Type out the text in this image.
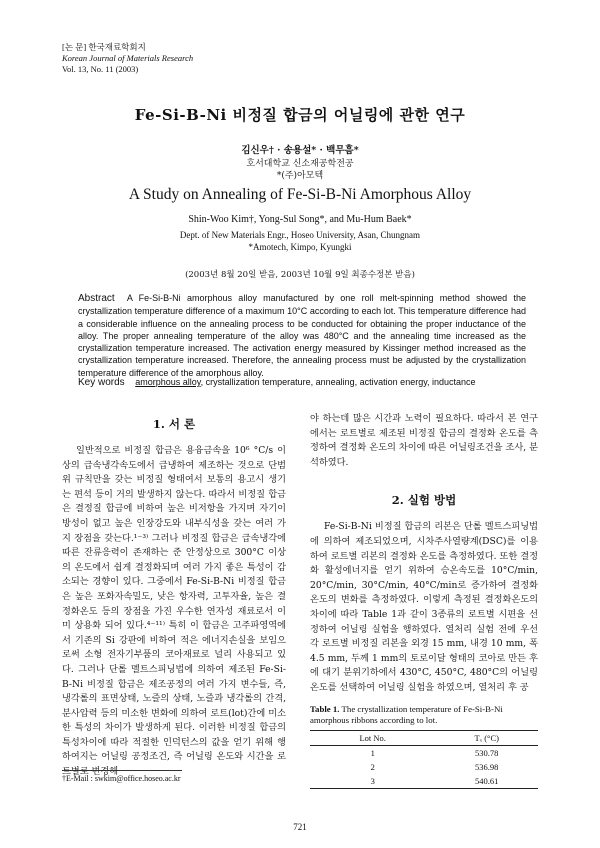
[논 문] 한국재료학회지
Korean Journal of Materials Research
Vol. 13, No. 11 (2003)
Fe-Si-B-Ni 비정질 합금의 어닐링에 관한 연구
김신우† · 송용설* · 백무흠*
호서대학교 신소재공학전공
*(주)아모텍
A Study on Annealing of Fe-Si-B-Ni Amorphous Alloy
Shin-Woo Kim†, Yong-Sul Song*, and Mu-Hum Baek*
Dept. of New Materials Engr., Hoseo University, Asan, Chungnam
*Amotech, Kimpo, Kyungki
(2003년 8월 20일 받음, 2003년 10월 9일 최종수정본 받음)
Abstract A Fe-Si-B-Ni amorphous alloy manufactured by one roll melt-spinning method showed the crystallization temperature difference of a maximum 10°C according to each lot. This temperature difference had a considerable influence on the annealing process to be conducted for obtaining the proper inductance of the alloy. The proper annealing temperature of the alloy was 480°C and the annealing time increased as the crystallization temperature increased. The activation energy measured by Kissinger method increased as the crystallization temperature increased. Therefore, the annealing process must be adjusted by the crystallization temperature difference of the amorphous alloy.
Key words amorphous alloy, crystallization temperature, annealing, activation energy, inductance
1. 서 론

일반적으로 비정질 합금은 용융금속을 10⁶ °C/s 이상의 급속냉각속도에서 급냉하여 제조하는 것으로 단범위 규칙만을 갖는 비정질 형태여서 보통의 용고시 생기는 편석 등이 거의 발생하지 않는다. 따라서 비정질 합금은 결정질 합금에 비하여 높은 비저항을 가지며 자기이방성이 없고 높은 인장강도와 내부식성을 갖는 여러 가지 장점을 갖는다.¹⁻³⁾ 그러나 비정질 합금은 급속냉각에 따른 잔류응력이 존재하는 준 안정상으로 300°C 이상의 온도에서 쉽게 결정화되며 여러 가지 좋은 특성이 감소되는 경향이 있다. 그중에서 Fe-Si-B-Ni 비정질 합금은 높은 포화자속밀도, 낮은 항자력, 고투자율, 높은 결정화온도 등의 장점을 가진 우수한 연자성 재료로서 이미 상용화 되어 있다.⁴⁻¹¹⁾ 특히 이 합금은 고주파영역에서 기존의 Si 강판에 비하여 적은 에너지손실을 보임으로써 소형 전자기부품의 코아재료로 널리 사용되고 있다. 그러나 단롤 멜트스피닝법에 의하여 제조된 Fe-Si-B-Ni 비정질 합금은 제조공정의 여러 가지 변수들, 즉, 냉각롤의 표면상태, 노즐의 상태, 노즐과 냉각롤의 간격, 분사압력 등의 미소한 변화에 의하여 로트(lot)간에 미소한 특성의 차이가 발생하게 된다. 이러한 비정질 합금의 특성차이에 따라 적절한 인덕턴스의 값을 얻기 위해 행하여지는 어닐링 공정조건, 즉 어닐링 온도와 시간을 로트별로 변경해

야 하는데 많은 시간과 노력이 필요하다. 따라서 본 연구에서는 로트별로 제조된 비정질 합금의 결정화 온도를 측정하여 결정화 온도의 차이에 따른 어닐링조건을 조사, 분석하였다.

2. 실험 방법

Fe-Si-B-Ni 비정질 합금의 리본은 단롤 멜트스피닝법에 의하여 제조되었으며, 시차주사열량계(DSC)를 이용하여 로트별 리본의 결정화 온도를 측정하였다. 또한 결정화 활성에너지를 얻기 위하여 승온속도를 10°C/min, 20°C/min, 30°C/min, 40°C/min로 증가하여 결정화 온도의 변화를 측정하였다. 이렇게 측정된 결정화온도의 차이에 따라 Table 1과 같이 3종류의 로트별 시편을 선정하여 어닐링 실험을 행하였다. 열처리 실험 전에 우선 각 로트별 비정질 리본을 외경 15 mm, 내경 10 mm, 폭 4.5 mm, 두께 1 mm의 토로이달 형태의 코아로 만든 후에 대기 분위기하에서 430°C, 450°C, 480°C의 어닐링 온도를 선택하여 어닐링 실험을 하였으며, 열처리 후 공

Table 1. The crystallization temperature of Fe-Si-B-Ni amorphous ribbons according to lot.
Lot No.	Tₓ (°C)
1	530.78
2	536.98
3	540.61
†E-Mail : swkim@office.hoseo.ac.kr
721
